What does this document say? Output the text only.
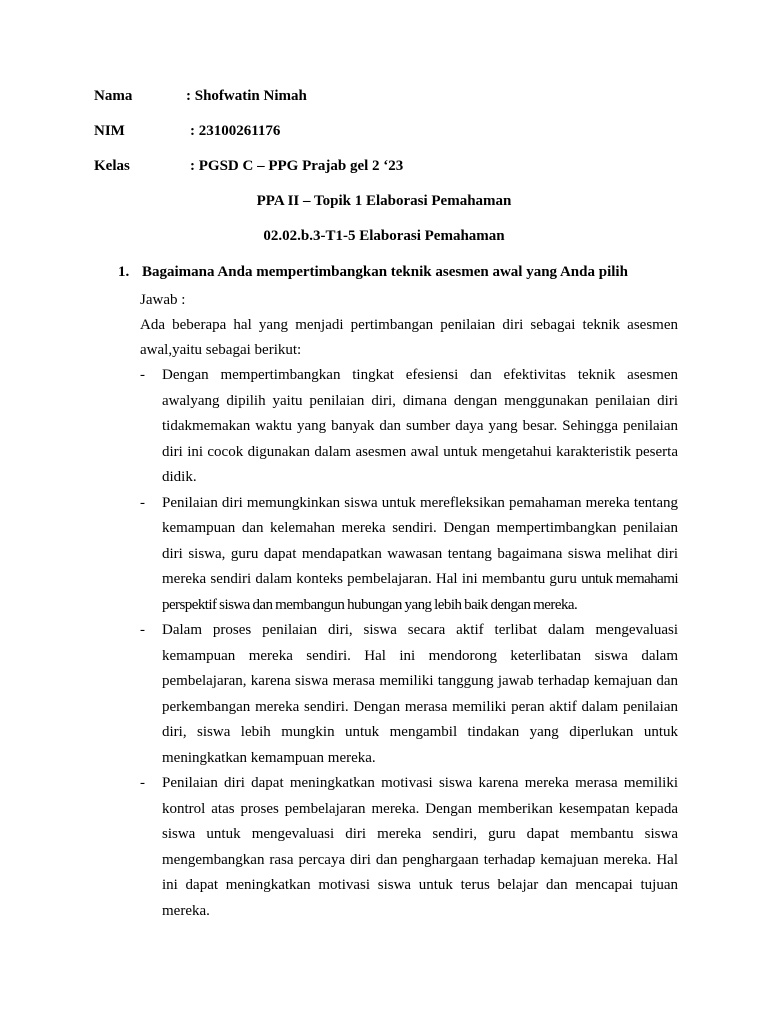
Nama	: Shofwatin Nimah
NIM	: 23100261176
Kelas	: PGSD C – PPG Prajab gel 2 ‘23
PPA II – Topik 1 Elaborasi Pemahaman
02.02.b.3-T1-5 Elaborasi Pemahaman
1. Bagaimana Anda mempertimbangkan teknik asesmen awal yang Anda pilih
Jawab :
Ada beberapa hal yang menjadi pertimbangan penilaian diri sebagai teknik asesmen awal,yaitu sebagai berikut:
- Dengan mempertimbangkan tingkat efesiensi dan efektivitas teknik asesmen awalyang dipilih yaitu penilaian diri, dimana dengan menggunakan penilaian diri tidakmemakan waktu yang banyak dan sumber daya yang besar. Sehingga penilaian diri ini cocok digunakan dalam asesmen awal untuk mengetahui karakteristik peserta didik.
- Penilaian diri memungkinkan siswa untuk merefleksikan pemahaman mereka tentang kemampuan dan kelemahan mereka sendiri. Dengan mempertimbangkan penilaian diri siswa, guru dapat mendapatkan wawasan tentang bagaimana siswa melihat diri mereka sendiri dalam konteks pembelajaran. Hal ini membantu guru untuk memahami perspektif siswa dan membangun hubungan yang lebih baik dengan mereka.
- Dalam proses penilaian diri, siswa secara aktif terlibat dalam mengevaluasi kemampuan mereka sendiri. Hal ini mendorong keterlibatan siswa dalam pembelajaran, karena siswa merasa memiliki tanggung jawab terhadap kemajuan dan perkembangan mereka sendiri. Dengan merasa memiliki peran aktif dalam penilaian diri, siswa lebih mungkin untuk mengambil tindakan yang diperlukan untuk meningkatkan kemampuan mereka.
- Penilaian diri dapat meningkatkan motivasi siswa karena mereka merasa memiliki kontrol atas proses pembelajaran mereka. Dengan memberikan kesempatan kepada siswa untuk mengevaluasi diri mereka sendiri, guru dapat membantu siswa mengembangkan rasa percaya diri dan penghargaan terhadap kemajuan mereka. Hal ini dapat meningkatkan motivasi siswa untuk terus belajar dan mencapai tujuan mereka.
